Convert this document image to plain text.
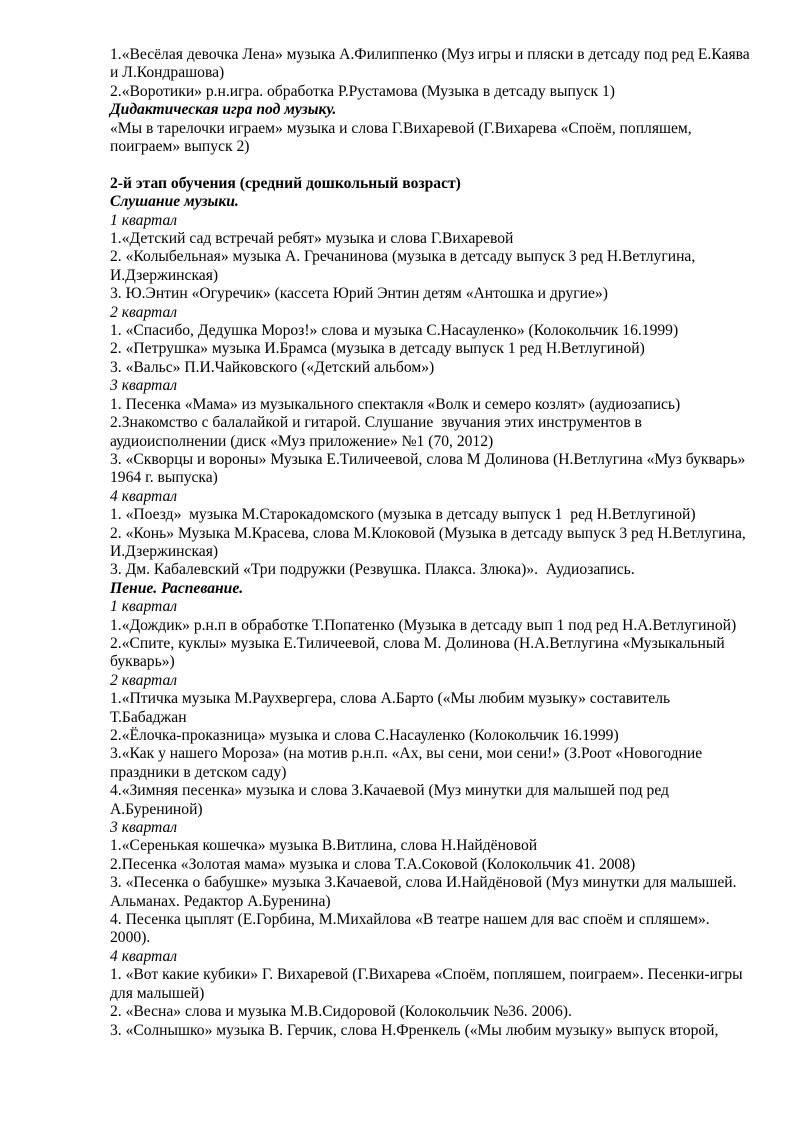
1.«Весёлая девочка Лена» музыка А.Филиппенко (Муз игры и пляски в детсаду под ред Е.Каява и Л.Кондрашова)
2.«Воротики» р.н.игра. обработка Р.Рустамова (Музыка в детсаду выпуск 1)
Дидактическая игра под музыку.
«Мы в тарелочки играем» музыка и слова Г.Вихаревой (Г.Вихарева «Споём, попляшем, поиграем» выпуск 2)
2-й этап обучения (средний дошкольный возраст)
Слушание музыки.
1 квартал
1.«Детский сад встречай ребят» музыка и слова Г.Вихаревой
2. «Колыбельная» музыка А. Гречанинова (музыка в детсаду выпуск 3 ред Н.Ветлугина, И.Дзержинская)
3. Ю.Энтин «Огуречик» (кассета Юрий Энтин детям «Антошка и другие»)
2 квартал
1. «Спасибо, Дедушка Мороз!» слова и музыка С.Насауленко» (Колокольчик 16.1999)
2. «Петрушка» музыка И.Брамса (музыка в детсаду выпуск 1 ред Н.Ветлугиной)
3. «Вальс» П.И.Чайковского («Детский альбом»)
3 квартал
1. Песенка «Мама» из музыкального спектакля «Волк и семеро козлят» (аудиозапись)
2.Знакомство с балалайкой и гитарой. Слушание  звучания этих инструментов в аудиоисполнении (диск «Муз приложение» №1 (70, 2012)
3. «Скворцы и вороны» Музыка Е.Тиличеевой, слова М Долинова (Н.Ветлугина «Муз букварь» 1964 г. выпуска)
4 квартал
1. «Поезд»  музыка М.Старокадомского (музыка в детсаду выпуск 1  ред Н.Ветлугиной)
2. «Конь» Музыка М.Красева, слова М.Клоковой (Музыка в детсаду выпуск 3 ред Н.Ветлугина, И.Дзержинская)
3. Дм. Кабалевский «Три подружки (Резвушка. Плакса. Злюка)».  Аудиозапись.
Пение. Распевание.
1 квартал
1.«Дождик» р.н.п в обработке Т.Попатенко (Музыка в детсаду вып 1 под ред Н.А.Ветлугиной)
2.«Спите, куклы» музыка Е.Тиличеевой, слова М. Долинова (Н.А.Ветлугина «Музыкальный букварь»)
2 квартал
1.«Птичка музыка М.Раухвергера, слова А.Барто («Мы любим музыку» составитель Т.Бабаджан
2.«Ёлочка-проказница» музыка и слова С.Насауленко (Колокольчик 16.1999)
3.«Как у нашего Мороза» (на мотив р.н.п. «Ах, вы сени, мои сени!» (З.Роот «Новогодние праздники в детском саду)
4.«Зимняя песенка» музыка и слова З.Качаевой (Муз минутки для малышей под ред А.Бурениной)
3 квартал
1.«Серенькая кошечка» музыка В.Витлина, слова Н.Найдёновой
2.Песенка «Золотая мама» музыка и слова Т.А.Соковой (Колокольчик 41. 2008)
3. «Песенка о бабушке» музыка З.Качаевой, слова И.Найдёновой (Муз минутки для малышей. Альманах. Редактор А.Буренина)
4. Песенка цыплят (Е.Горбина, М.Михайлова «В театре нашем для вас споём и спляшем». 2000).
4 квартал
1. «Вот какие кубики» Г. Вихаревой (Г.Вихарева «Споём, попляшем, поиграем». Песенки-игры для малышей)
2. «Весна» слова и музыка М.В.Сидоровой (Колокольчик №36. 2006).
3. «Солнышко» музыка В. Герчик, слова Н.Френкель («Мы любим музыку» выпуск второй,
